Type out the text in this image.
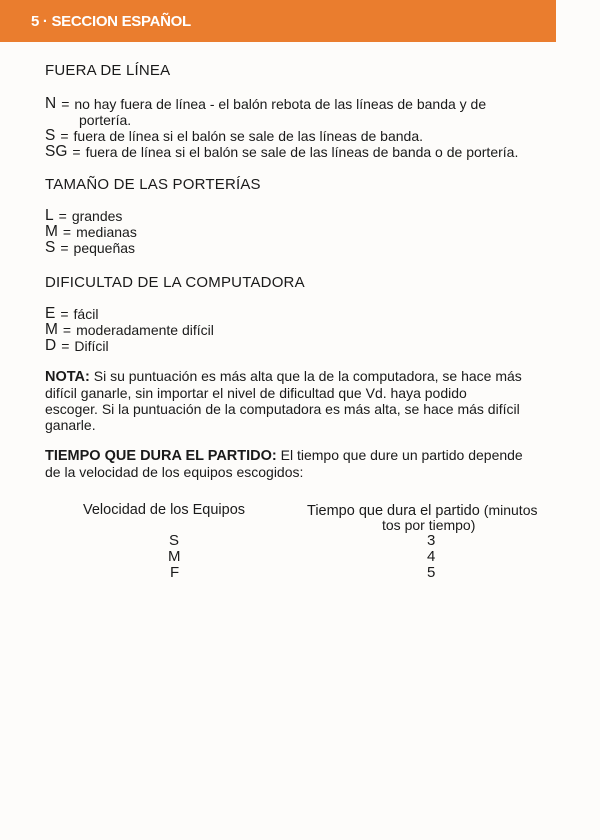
5 · SECCION ESPAÑOL
FUERA DE LÍNEA
N = no hay fuera de línea - el balón rebota de las líneas de banda y de
portería.
S = fuera de línea si el balón se sale de las líneas de banda.
SG = fuera de línea si el balón se sale de las líneas de banda o de portería.
TAMAÑO DE LAS PORTERÍAS
L = grandes
M = medianas
S = pequeñas
DIFICULTAD DE LA COMPUTADORA
E = fácil
M = moderadamente difícil
D = Difícil

NOTA: Si su puntuación es más alta que la de la computadora, se hace más

difícil ganarle, sin importar el nivel de dificultad que Vd. haya podido

escoger. Si la puntuación de la computadora es más alta, se hace más difícil

ganarle.

TIEMPO QUE DURA EL PARTIDO: El tiempo que dure un partido depende

de la velocidad de los equipos escogidos:

Velocidad de los Equipos	Tiempo que dura el partido (minutos
tos por tiempo)
S	3
M	4
F	5
